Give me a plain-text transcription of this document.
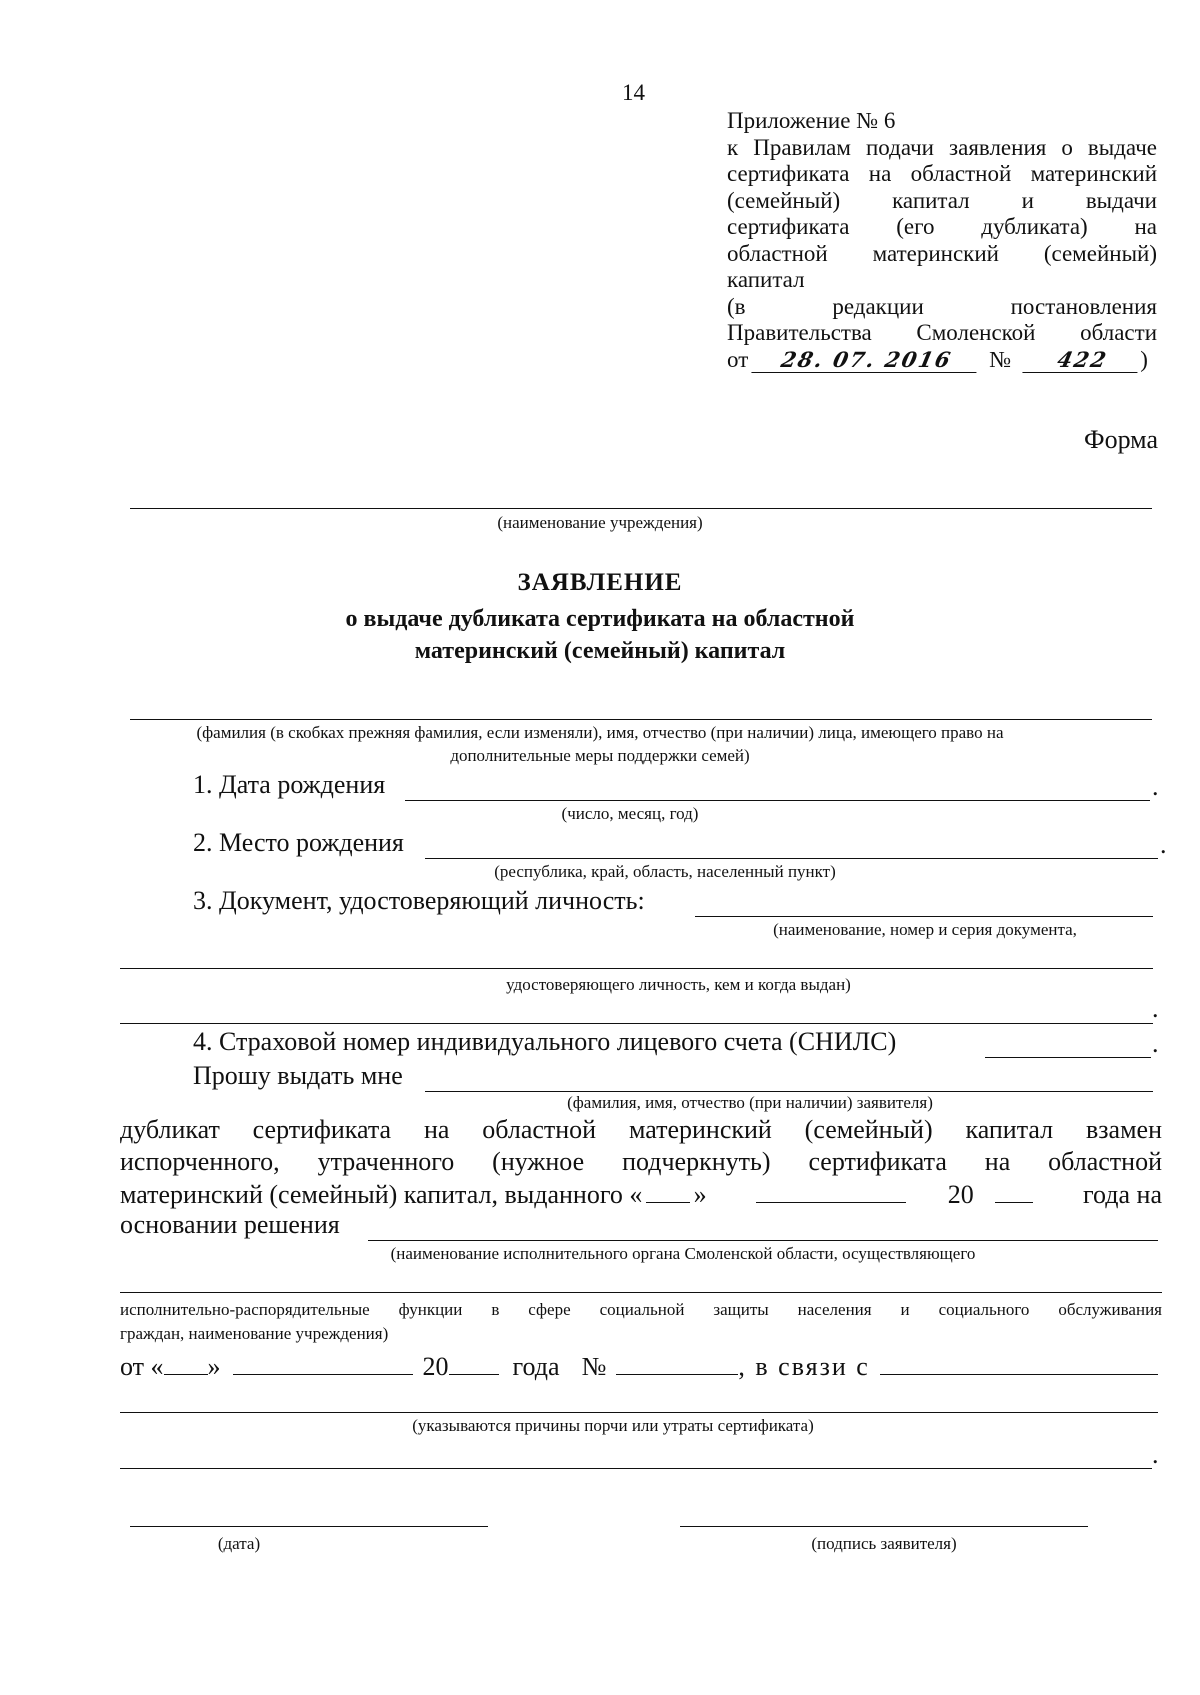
14
Приложение № 6
к Правилам подачи заявления о выдаче
сертификата на областной материнский
(семейный) капитал и выдачи
сертификата (его дубликата) на
областной материнский (семейный)
капитал
(в редакции постановления
Правительства Смоленской области
от	28. 07. 2016	№	422	)
Форма
(наименование учреждения)
ЗАЯВЛЕНИЕ
о выдаче дубликата сертификата на областной
материнский (семейный) капитал
(фамилия (в скобках прежняя фамилия, если изменяли), имя, отчество (при наличии) лица, имеющего право на
дополнительные меры поддержки семей)
1. Дата рождения	.
(число, месяц, год)
2. Место рождения	.
(республика, край, область, населенный пункт)
3. Документ, удостоверяющий личность:
(наименование, номер и серия документа,
удостоверяющего личность, кем и когда выдан)
.
4. Страховой номер индивидуального лицевого счета (СНИЛС)	.
Прошу выдать мне
(фамилия, имя, отчество (при наличии) заявителя)
дубликат сертификата на областной материнский (семейный) капитал взамен
испорченного, утраченного (нужное подчеркнуть) сертификата на областной
материнский (семейный) капитал, выданного « »	20	года на
основании решения
(наименование исполнительного органа Смоленской области, осуществляющего
исполнительно-распорядительные функции в сфере социальной защиты населения и социального обслуживания
граждан, наименование учреждения)
от « »	20 года №	, в связи с
(указываются причины порчи или утраты сертификата)
.
(дата)	(подпись заявителя)
